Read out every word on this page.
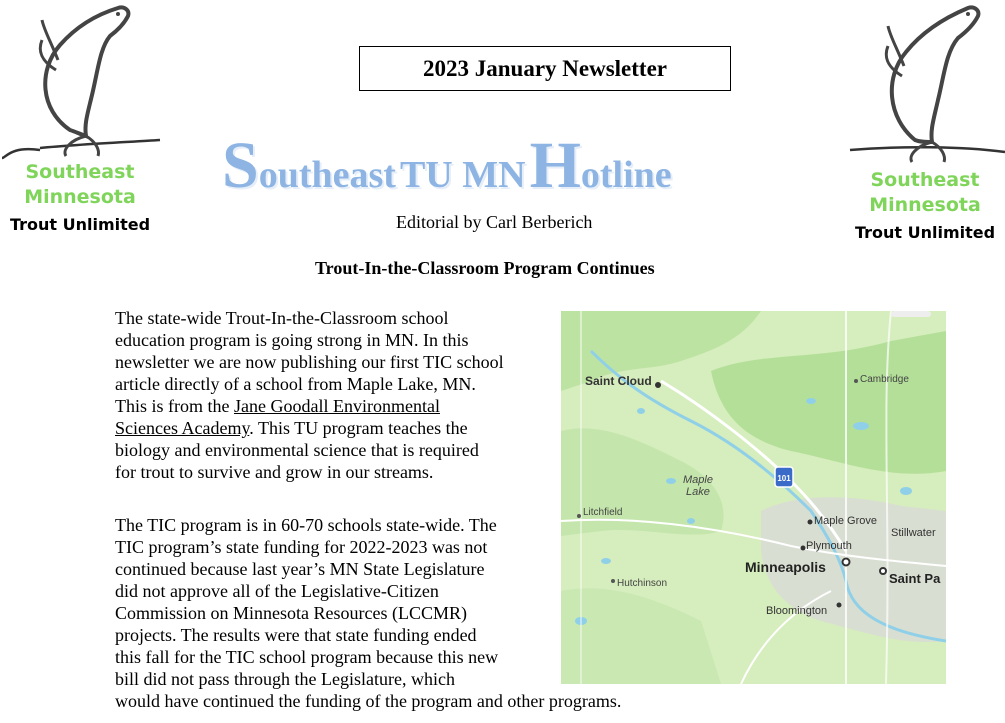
Southeast
Minnesota
Trout Unlimited
Southeast
Minnesota
Trout Unlimited
2023 January Newsletter
Southeast TU MN Hotline
Editorial by Carl Berberich
Trout-In-the-Classroom Program Continues

The state-wide Trout-In-the-Classroom school

education program is going strong in MN. In this

newsletter we are now publishing our first TIC school

article directly of a school from Maple Lake, MN.

This is from the Jane Goodall Environmental

Sciences Academy. This TU program teaches the

biology and environmental science that is required

for trout to survive and grow in our streams.

The TIC program is in 60-70 schools state-wide. The

TIC program’s state funding for 2022-2023 was not

continued because last year’s MN State Legislature

did not approve all of the Legislative-Citizen

Commission on Minnesota Resources (LCCMR)

projects. The results were that state funding ended

this fall for the TIC school program because this new

bill did not pass through the Legislature, which

would have continued the funding of the program and other programs.

101
Saint Cloud	Cambridge
Maple
Lake
Litchfield
Maple Grove
Stillwater
Plymouth
Minneapolis
Saint Pa
Hutchinson
Bloomington
